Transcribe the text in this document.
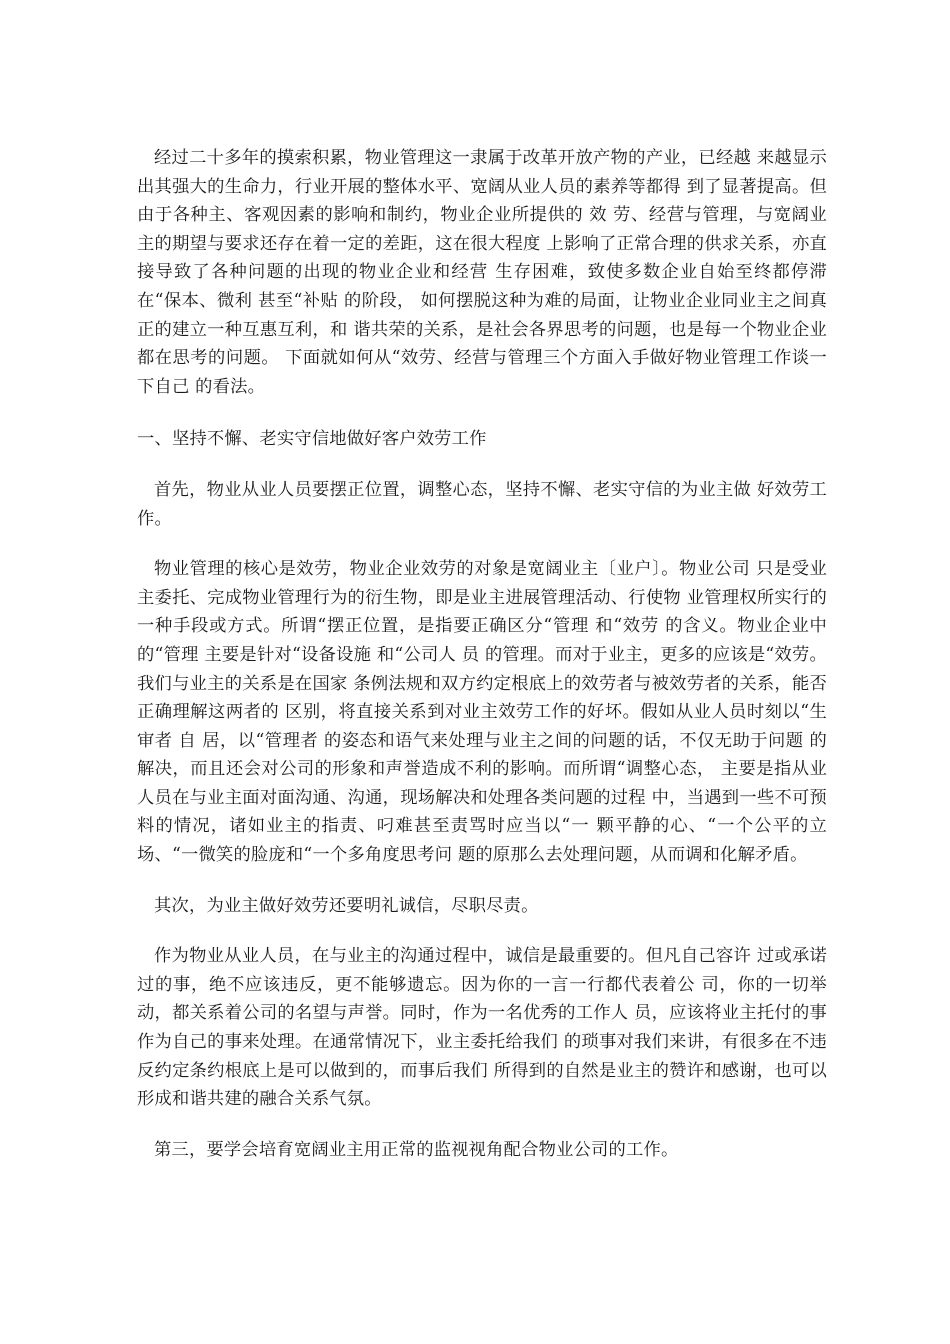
经过二十多年的摸索积累，物业管理这一隶属于改革开放产物的产业，已经越 来越显示出其强大的生命力，行业开展的整体水平、宽阔从业人员的素养等都得 到了显著提高。但由于各种主、客观因素的影响和制约，物业企业所提供的 效 劳、经营与管理，与宽阔业主的期望与要求还存在着一定的差距，这在很大程度 上影响了正常合理的供求关系，亦直接导致了各种问题的出现的物业企业和经营 生存困难，致使多数企业自始至终都停滞在“保本、微利 甚至“补贴 的阶段， 如何摆脱这种为难的局面，让物业企业同业主之间真正的建立一种互惠互利，和 谐共荣的关系，是社会各界思考的问题，也是每一个物业企业都在思考的问题。 下面就如何从“效劳、经营与管理三个方面入手做好物业管理工作谈一下自己 的看法。

一、坚持不懈、老实守信地做好客户效劳工作

首先，物业从业人员要摆正位置，调整心态，坚持不懈、老实守信的为业主做 好效劳工作。

物业管理的核心是效劳，物业企业效劳的对象是宽阔业主〔业户〕。物业公司 只是受业主委托、完成物业管理行为的衍生物，即是业主进展管理活动、行使物 业管理权所实行的一种手段或方式。所谓“摆正位置，是指要正确区分“管理 和“效劳 的含义。物业企业中的“管理 主要是针对“设备设施 和“公司人 员 的管理。而对于业主，更多的应该是“效劳。我们与业主的关系是在国家 条例法规和双方约定根底上的效劳者与被效劳者的关系，能否正确理解这两者的 区别，将直接关系到对业主效劳工作的好坏。假如从业人员时刻以“生审者 自 居，以“管理者 的姿态和语气来处理与业主之间的问题的话，不仅无助于问题 的解决，而且还会对公司的形象和声誉造成不利的影响。而所谓“调整心态， 主要是指从业人员在与业主面对面沟通、沟通，现场解决和处理各类问题的过程 中，当遇到一些不可预料的情况，诸如业主的指责、叼难甚至责骂时应当以“一 颗平静的心、“一个公平的立场、“一微笑的脸庞和“一个多角度思考问 题的原那么去处理问题，从而调和化解矛盾。

其次，为业主做好效劳还要明礼诚信，尽职尽责。

作为物业从业人员，在与业主的沟通过程中，诚信是最重要的。但凡自己容许 过或承诺过的事，绝不应该违反，更不能够遗忘。因为你的一言一行都代表着公 司，你的一切举动，都关系着公司的名望与声誉。同时，作为一名优秀的工作人 员，应该将业主托付的事作为自己的事来处理。在通常情况下，业主委托给我们 的琐事对我们来讲，有很多在不违反约定条约根底上是可以做到的，而事后我们 所得到的自然是业主的赞许和感谢，也可以形成和谐共建的融合关系气氛。

第三，要学会培育宽阔业主用正常的监视视角配合物业公司的工作。
